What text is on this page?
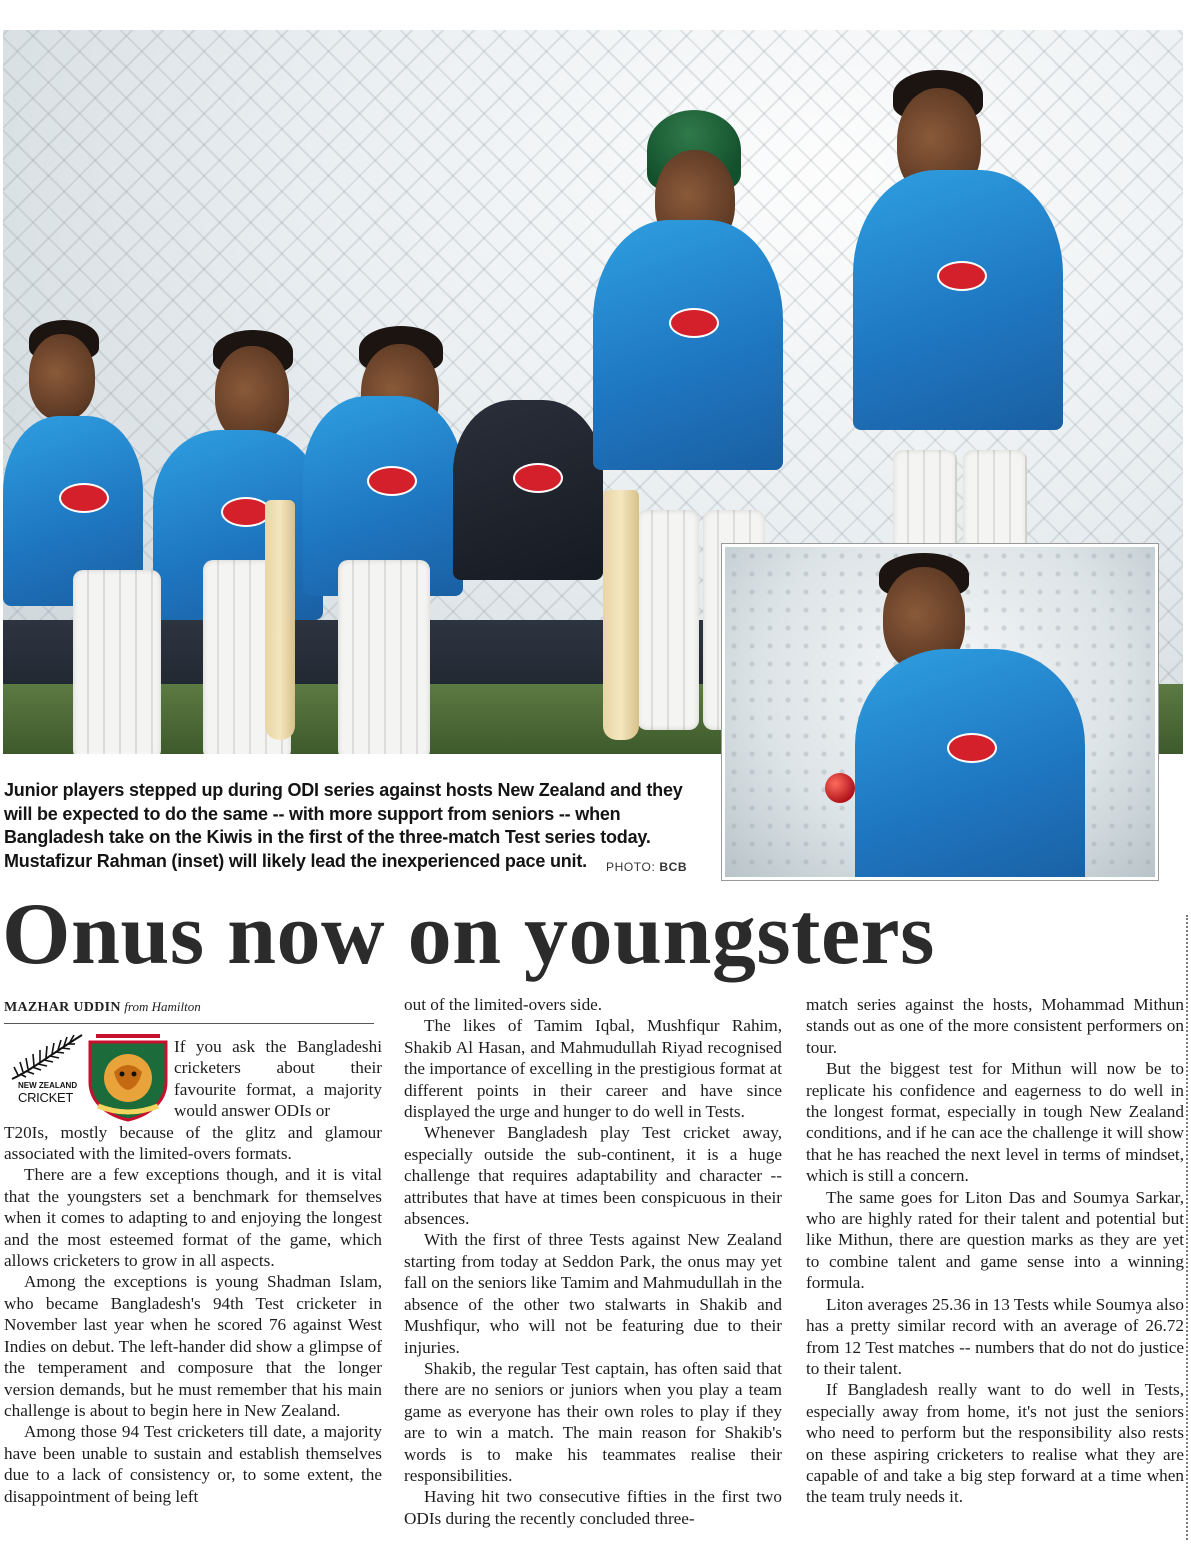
Junior players stepped up during ODI series against hosts New Zealand and they will be expected to do the same -- with more support from seniors -- when Bangladesh take on the Kiwis in the first of the three-match Test series today. Mustafizur Rahman (inset) will likely lead the inexperienced pace unit.	PHOTO: BCB
Onus now on youngsters
MAZHAR UDDIN from Hamilton
NEW ZEALAND
CRICKET

If you ask the Bangladeshi cricketers about their favourite format, a majority would answer ODIs or

T20Is, mostly because of the glitz and glamour associated with the limited-overs formats.

There are a few exceptions though, and it is vital that the youngsters set a benchmark for themselves when it comes to adapting to and enjoying the longest and the most esteemed format of the game, which allows cricketers to grow in all aspects.

Among the exceptions is young Shadman Islam, who became Bangladesh's 94th Test cricketer in November last year when he scored 76 against West Indies on debut. The left-hander did show a glimpse of the temperament and composure that the longer version demands, but he must remember that his main challenge is about to begin here in New Zealand.

Among those 94 Test cricketers till date, a majority have been unable to sustain and establish themselves due to a lack of consistency or, to some extent, the disappointment of being left

out of the limited-overs side.

The likes of Tamim Iqbal, Mushfiqur Rahim, Shakib Al Hasan, and Mahmudullah Riyad recognised the importance of excelling in the prestigious format at different points in their career and have since displayed the urge and hunger to do well in Tests.

Whenever Bangladesh play Test cricket away, especially outside the sub-continent, it is a huge challenge that requires adaptability and character -- attributes that have at times been conspicuous in their absences.

With the first of three Tests against New Zealand starting from today at Seddon Park, the onus may yet fall on the seniors like Tamim and Mahmudullah in the absence of the other two stalwarts in Shakib and Mushfiqur, who will not be featuring due to their injuries.

Shakib, the regular Test captain, has often said that there are no seniors or juniors when you play a team game as everyone has their own roles to play if they are to win a match. The main reason for Shakib's words is to make his teammates realise their responsibilities.

Having hit two consecutive fifties in the first two ODIs during the recently concluded three-

match series against the hosts, Mohammad Mithun stands out as one of the more consistent performers on tour.

But the biggest test for Mithun will now be to replicate his confidence and eagerness to do well in the longest format, especially in tough New Zealand conditions, and if he can ace the challenge it will show that he has reached the next level in terms of mindset, which is still a concern.

The same goes for Liton Das and Soumya Sarkar, who are highly rated for their talent and potential but like Mithun, there are question marks as they are yet to combine talent and game sense into a winning formula.

Liton averages 25.36 in 13 Tests while Soumya also has a pretty similar record with an average of 26.72 from 12 Test matches -- numbers that do not do justice to their talent.

If Bangladesh really want to do well in Tests, especially away from home, it's not just the seniors who need to perform but the responsibility also rests on these aspiring cricketers to realise what they are capable of and take a big step forward at a time when the team truly needs it.
